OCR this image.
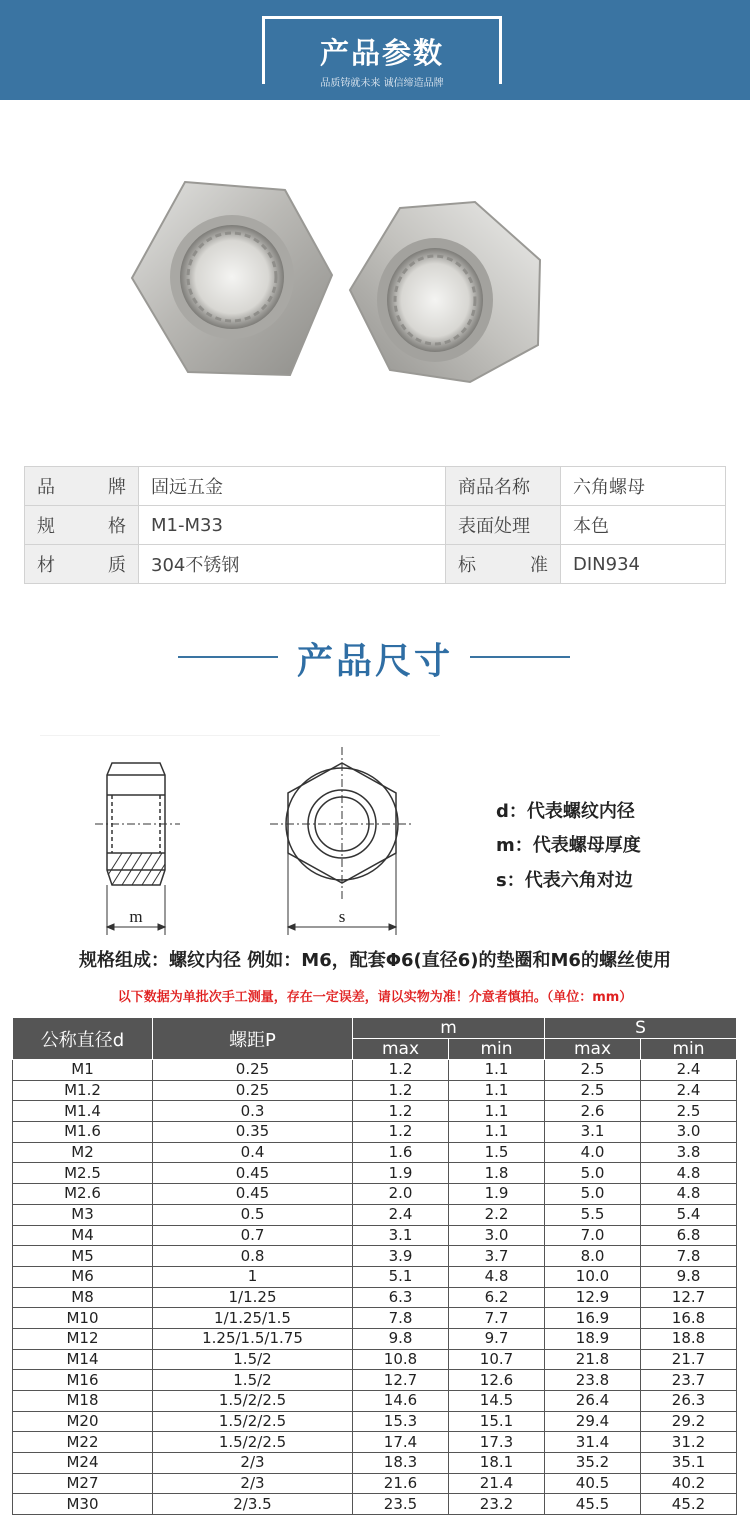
产品参数
品质铸就未来 诚信缔造品牌
品 牌	固远五金	商品名称	六角螺母

规 格	M1-M33	表面处理	本色

材 质	304不锈钢	标 准	DIN934
产品尺寸
m	s
d：代表螺纹内径
m：代表螺母厚度
s：代表六角对边
规格组成：螺纹内径 例如：M6，配套Φ6(直径6)的垫圈和M6的螺丝使用
以下数据为单批次手工测量，存在一定误差，请以实物为准！介意者慎拍。（单位：mm）
公称直径d	螺距P	m		S	
		max	min	max	min
M1	0.25	1.2	1.1	2.5	2.4
M1.2	0.25	1.2	1.1	2.5	2.4
M1.4	0.3	1.2	1.1	2.6	2.5
M1.6	0.35	1.2	1.1	3.1	3.0
M2	0.4	1.6	1.5	4.0	3.8
M2.5	0.45	1.9	1.8	5.0	4.8
M2.6	0.45	2.0	1.9	5.0	4.8
M3	0.5	2.4	2.2	5.5	5.4
M4	0.7	3.1	3.0	7.0	6.8
M5	0.8	3.9	3.7	8.0	7.8
M6	1	5.1	4.8	10.0	9.8
M8	1/1.25	6.3	6.2	12.9	12.7
M10	1/1.25/1.5	7.8	7.7	16.9	16.8
M12	1.25/1.5/1.75	9.8	9.7	18.9	18.8
M14	1.5/2	10.8	10.7	21.8	21.7
M16	1.5/2	12.7	12.6	23.8	23.7
M18	1.5/2/2.5	14.6	14.5	26.4	26.3
M20	1.5/2/2.5	15.3	15.1	29.4	29.2
M22	1.5/2/2.5	17.4	17.3	31.4	31.2
M24	2/3	18.3	18.1	35.2	35.1
M27	2/3	21.6	21.4	40.5	40.2
M30	2/3.5	23.5	23.2	45.5	45.2
